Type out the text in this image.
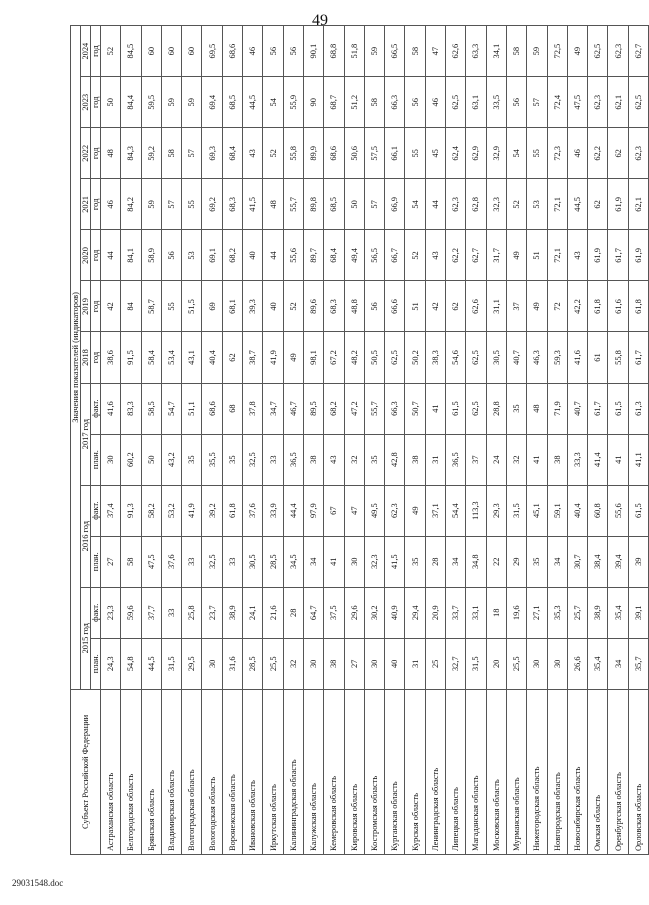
49
Субъект Российской Федерации	Значения показателей (индикаторов)												
	2015 год		2016 год		2017 год		2018	2019	2020	2021	2022	2023	2024
							год	год	год	год	год	год	год
	план.	факт.	план.	факт.	план.	факт.							
Астраханская область	24,3	23,3	27	37,4	30	41,6	38,6	42	44	46	48	50	52
Белгородская область	54,8	59,6	58	91,3	60,2	83,3	91,5	84	84,1	84,2	84,3	84,4	84,5
Брянская область	44,5	37,7	47,5	58,2	50	58,5	58,4	58,7	58,9	59	59,2	59,5	60
Владимирская область	31,5	33	37,6	53,2	43,2	54,7	53,4	55	56	57	58	59	60
Волгоградская область	29,5	25,8	33	41,9	35	51,1	43,1	51,5	53	55	57	59	60
Вологодская область	30	23,7	32,5	39,2	35,5	68,6	40,4	69	69,1	69,2	69,3	69,4	69,5
Воронежская область	31,6	38,9	33	61,8	35	68	62	68,1	68,2	68,3	68,4	68,5	68,6
Ивановская область	28,5	24,1	30,5	37,6	32,5	37,8	38,7	39,3	40	41,5	43	44,5	46
Иркутская область	25,5	21,6	28,5	33,9	33	34,7	41,9	40	44	48	52	54	56
Калининградская область	32	28	34,5	44,4	36,5	46,7	49	52	55,6	55,7	55,8	55,9	56
Калужская область	30	64,7	34	97,9	38	89,5	98,1	89,6	89,7	89,8	89,9	90	90,1
Кемеровская область	38	37,5	41	67	43	68,2	67,2	68,3	68,4	68,5	68,6	68,7	68,8
Кировская область	27	29,6	30	47	32	47,2	48,2	48,8	49,4	50	50,6	51,2	51,8
Костромская область	30	30,2	32,3	49,5	35	55,7	50,5	56	56,5	57	57,5	58	59
Курганская область	40	40,9	41,5	62,3	42,8	66,3	62,5	66,6	66,7	66,9	66,1	66,3	66,5
Курская область	31	29,4	35	49	38	50,7	50,2	51	52	54	55	56	58
Ленинградская область	25	20,9	28	37,1	31	41	38,3	42	43	44	45	46	47
Липецкая область	32,7	33,7	34	54,4	36,5	61,5	54,6	62	62,2	62,3	62,4	62,5	62,6
Магаданская область	31,5	33,1	34,8	113,3	37	62,5	62,5	62,6	62,7	62,8	62,9	63,1	63,3
Московская область	20	18	22	29,3	24	28,8	30,5	31,1	31,7	32,3	32,9	33,5	34,1
Мурманская область	25,5	19,6	29	31,5	32	35	40,7	37	49	52	54	56	58
Нижегородская область	30	27,1	35	45,1	41	48	46,3	49	51	53	55	57	59
Новгородская область	30	35,3	34	59,1	38	71,9	59,3	72	72,1	72,1	72,3	72,4	72,5
Новосибирская область	26,6	25,7	30,7	40,4	33,3	40,7	41,6	42,2	43	44,5	46	47,5	49
Омская область	35,4	38,9	38,4	60,8	41,4	61,7	61	61,8	61,9	62	62,2	62,3	62,5
Оренбургская область	34	35,4	39,4	55,6	41	61,5	55,8	61,6	61,7	61,9	62	62,1	62,3
Орловская область	35,7	39,1	39	61,5	41,1	61,3	61,7	61,8	61,9	62,1	62,3	62,5	62,7
29031548.doc
